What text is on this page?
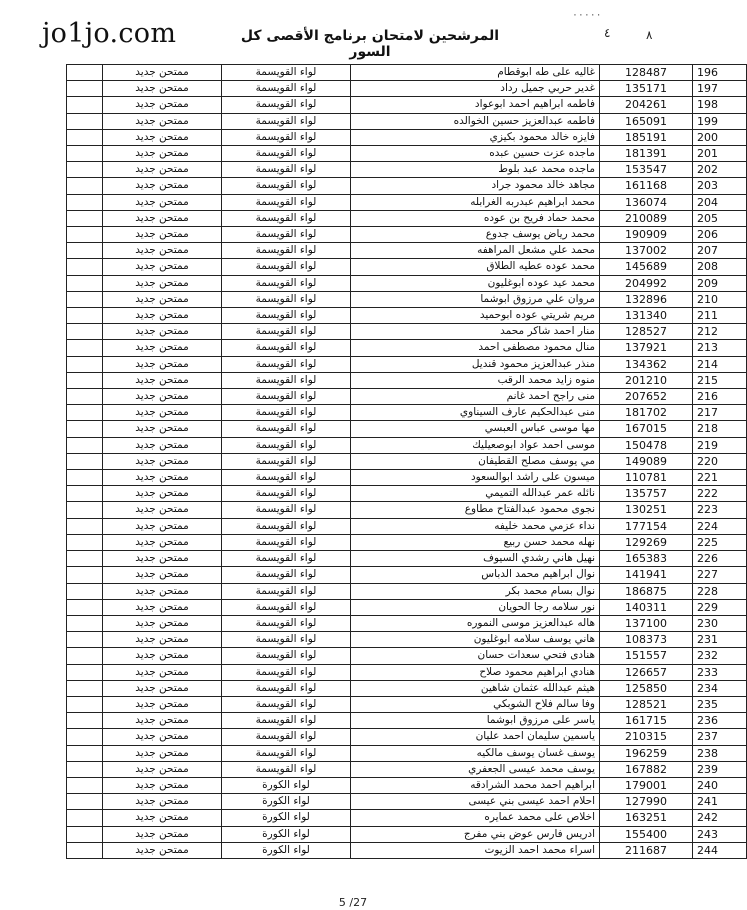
jo1jo.com	المرشحين لامتحان برنامج الأقصى كل السور
٠٠٠٠٠
٤	٨
196	128487	غاليه على طه ابوقطام	لواء القويسمة	ممتحن جديد	
197	135171	غدير حربي جميل رداد	لواء القويسمة	ممتحن جديد	
198	204261	فاطمه ابراهيم احمد ابوعواد	لواء القويسمة	ممتحن جديد	
199	165091	فاطمه عبدالعزيز حسين الخوالده	لواء القويسمة	ممتحن جديد	
200	185191	فايزه خالد محمود بكيزي	لواء القويسمة	ممتحن جديد	
201	181391	ماجده عزت حسين عبده	لواء القويسمة	ممتحن جديد	
202	153547	ماجده محمد عبد بلوط	لواء القويسمة	ممتحن جديد	
203	161168	مجاهد خالد محمود جراد	لواء القويسمة	ممتحن جديد	
204	136074	محمد ابراهيم عبدربه الغرابله	لواء القويسمة	ممتحن جديد	
205	210089	محمد حماد فريح بن عوده	لواء القويسمة	ممتحن جديد	
206	190909	محمد رياض يوسف جدوع	لواء القويسمة	ممتحن جديد	
207	137002	محمد علي مشعل المراهفه	لواء القويسمة	ممتحن جديد	
208	145689	محمد عوده عطيه الطلاق	لواء القويسمة	ممتحن جديد	
209	204992	محمد عيد عوده ابوغليون	لواء القويسمة	ممتحن جديد	
210	132896	مروان علي مرزوق ابوشما	لواء القويسمة	ممتحن جديد	
211	131340	مريم شريتي عوده ابوحميد	لواء القويسمة	ممتحن جديد	
212	128527	منار احمد شاكر محمد	لواء القويسمة	ممتحن جديد	
213	137921	منال محمود مصطفى احمد	لواء القويسمة	ممتحن جديد	
214	134362	منذر عبدالعزيز محمود قنديل	لواء القويسمة	ممتحن جديد	
215	201210	منوه زايد محمد الرقب	لواء القويسمة	ممتحن جديد	
216	207652	منى راجح احمد غانم	لواء القويسمة	ممتحن جديد	
217	181702	منى عبدالحكيم عارف السيناوي	لواء القويسمة	ممتحن جديد	
218	167015	مها موسى عباس العبسي	لواء القويسمة	ممتحن جديد	
219	150478	موسى احمد عواد ابوصعيليك	لواء القويسمة	ممتحن جديد	
220	149089	مي يوسف مصلح القطيفان	لواء القويسمة	ممتحن جديد	
221	110781	ميسون على راشد ابوالسعود	لواء القويسمة	ممتحن جديد	
222	135757	نائله عمر عبدالله التميمي	لواء القويسمة	ممتحن جديد	
223	130251	نجوى محمود عبدالفتاح مطاوع	لواء القويسمة	ممتحن جديد	
224	177154	نداء عزمي محمد خليفه	لواء القويسمة	ممتحن جديد	
225	129269	نهله محمد حسن ربيع	لواء القويسمة	ممتحن جديد	
226	165383	نهيل هاني رشدي السيوف	لواء القويسمة	ممتحن جديد	
227	141941	نوال ابراهيم محمد الدباس	لواء القويسمة	ممتحن جديد	
228	186875	نوال بسام محمد بكر	لواء القويسمة	ممتحن جديد	
229	140311	نور سلامه رجا الحويان	لواء القويسمة	ممتحن جديد	
230	137100	هاله عبدالعزيز موسى النموره	لواء القويسمة	ممتحن جديد	
231	108373	هاني يوسف سلامه ابوغليون	لواء القويسمة	ممتحن جديد	
232	151557	هنادى فتحي سعدات حسان	لواء القويسمة	ممتحن جديد	
233	126657	هنادي ابراهيم محمود صلاح	لواء القويسمة	ممتحن جديد	
234	125850	هيثم عبدالله عثمان شاهين	لواء القويسمة	ممتحن جديد	
235	128521	وفا سالم فلاح الشوبكي	لواء القويسمة	ممتحن جديد	
236	161715	ياسر على مرزوق ابوشما	لواء القويسمة	ممتحن جديد	
237	210315	ياسمين سليمان احمد عليان	لواء القويسمة	ممتحن جديد	
238	196259	يوسف غسان يوسف مالكيه	لواء القويسمة	ممتحن جديد	
239	167882	يوسف محمد عيسى الجعفري	لواء القويسمة	ممتحن جديد	
240	179001	ابراهيم احمد محمد الشرادقه	لواء الكورة	ممتحن جديد	
241	127990	احلام احمد عيسى بني عيسى	لواء الكورة	ممتحن جديد	
242	163251	اخلاص على محمد عمايره	لواء الكورة	ممتحن جديد	
243	155400	ادريس فارس عوض بني مفرج	لواء الكورة	ممتحن جديد	
244	211687	اسراء محمد احمد الزيوت	لواء الكورة	ممتحن جديد	
5 /27
